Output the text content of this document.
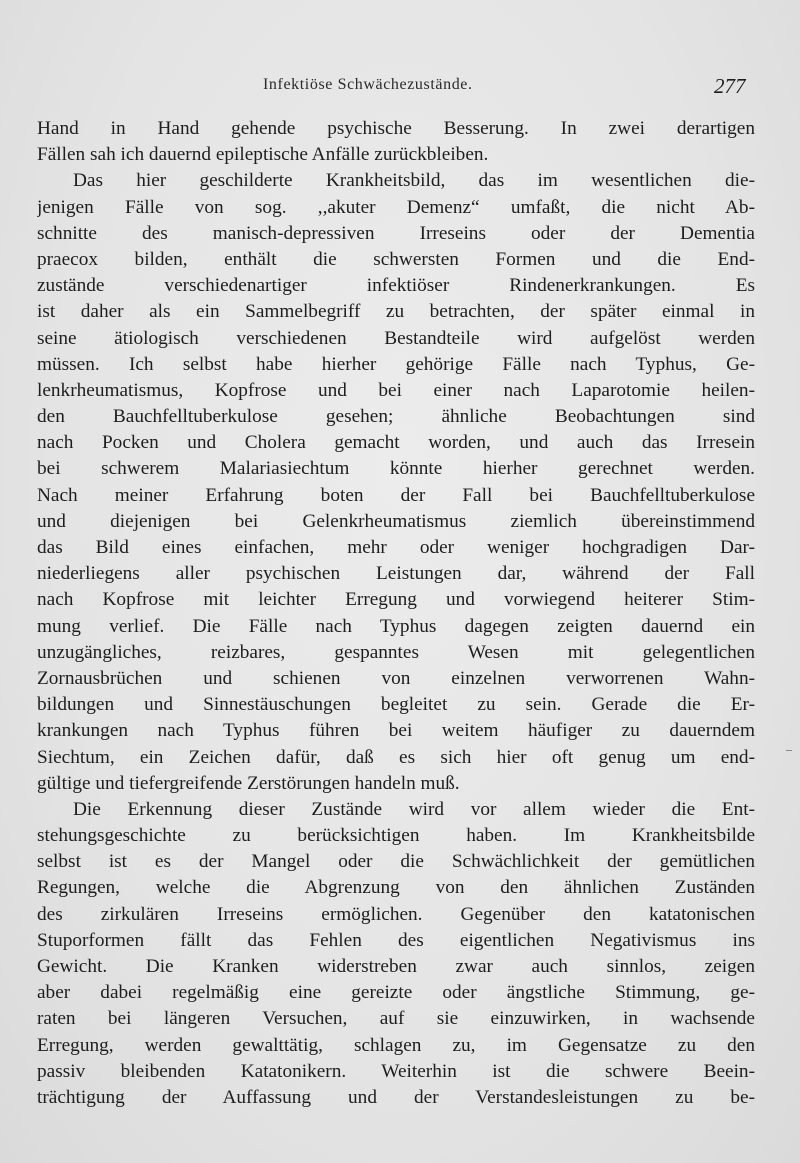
Infektiöse Schwächezustände.	277
Hand in Hand gehende psychische Besserung. In zwei derartigen
Fällen sah ich dauernd epileptische Anfälle zurückbleiben.
Das hier geschilderte Krankheitsbild, das im wesentlichen die-
jenigen Fälle von sog. ,,akuter Demenz“ umfaßt, die nicht Ab-
schnitte des manisch-depressiven Irreseins oder der Dementia
praecox bilden, enthält die schwersten Formen und die End-
zustände verschiedenartiger infektiöser Rindenerkrankungen. Es
ist daher als ein Sammelbegriff zu betrachten, der später einmal in
seine ätiologisch verschiedenen Bestandteile wird aufgelöst werden
müssen. Ich selbst habe hierher gehörige Fälle nach Typhus, Ge-
lenkrheumatismus, Kopfrose und bei einer nach Laparotomie heilen-
den Bauchfelltuberkulose gesehen; ähnliche Beobachtungen sind
nach Pocken und Cholera gemacht worden, und auch das Irresein
bei schwerem Malariasiechtum könnte hierher gerechnet werden.
Nach meiner Erfahrung boten der Fall bei Bauchfelltuberkulose
und diejenigen bei Gelenkrheumatismus ziemlich übereinstimmend
das Bild eines einfachen, mehr oder weniger hochgradigen Dar-
niederliegens aller psychischen Leistungen dar, während der Fall
nach Kopfrose mit leichter Erregung und vorwiegend heiterer Stim-
mung verlief. Die Fälle nach Typhus dagegen zeigten dauernd ein
unzugängliches, reizbares, gespanntes Wesen mit gelegentlichen
Zornausbrüchen und schienen von einzelnen verworrenen Wahn-
bildungen und Sinnestäuschungen begleitet zu sein. Gerade die Er-
krankungen nach Typhus führen bei weitem häufiger zu dauerndem
Siechtum, ein Zeichen dafür, daß es sich hier oft genug um end-
gültige und tiefergreifende Zerstörungen handeln muß.
Die Erkennung dieser Zustände wird vor allem wieder die Ent-
stehungsgeschichte zu berücksichtigen haben. Im Krankheitsbilde
selbst ist es der Mangel oder die Schwächlichkeit der gemütlichen
Regungen, welche die Abgrenzung von den ähnlichen Zuständen
des zirkulären Irreseins ermöglichen. Gegenüber den katatonischen
Stuporformen fällt das Fehlen des eigentlichen Negativismus ins
Gewicht. Die Kranken widerstreben zwar auch sinnlos, zeigen
aber dabei regelmäßig eine gereizte oder ängstliche Stimmung, ge-
raten bei längeren Versuchen, auf sie einzuwirken, in wachsende
Erregung, werden gewalttätig, schlagen zu, im Gegensatze zu den
passiv bleibenden Katatonikern. Weiterhin ist die schwere Beein-
trächtigung der Auffassung und der Verstandesleistungen zu be-
